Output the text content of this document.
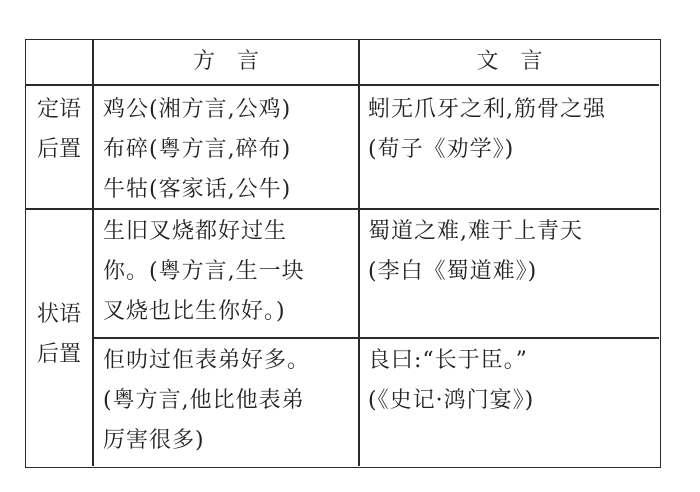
方　言	文　言
定语
后置
鸡公(湘方言,公鸡)
布碎(粤方言,碎布)
牛牯(客家话,公牛)
蚓无爪牙之利,筋骨之强
(荀子《劝学》)
状语
后置
生旧叉烧都好过生
你。(粤方言,生一块
叉烧也比生你好。)
蜀道之难,难于上青天
(李白《蜀道难》)
佢叻过佢表弟好多。
(粤方言,他比他表弟
厉害很多)
良曰:“长于臣。”
(《史记·鸿门宴》)
